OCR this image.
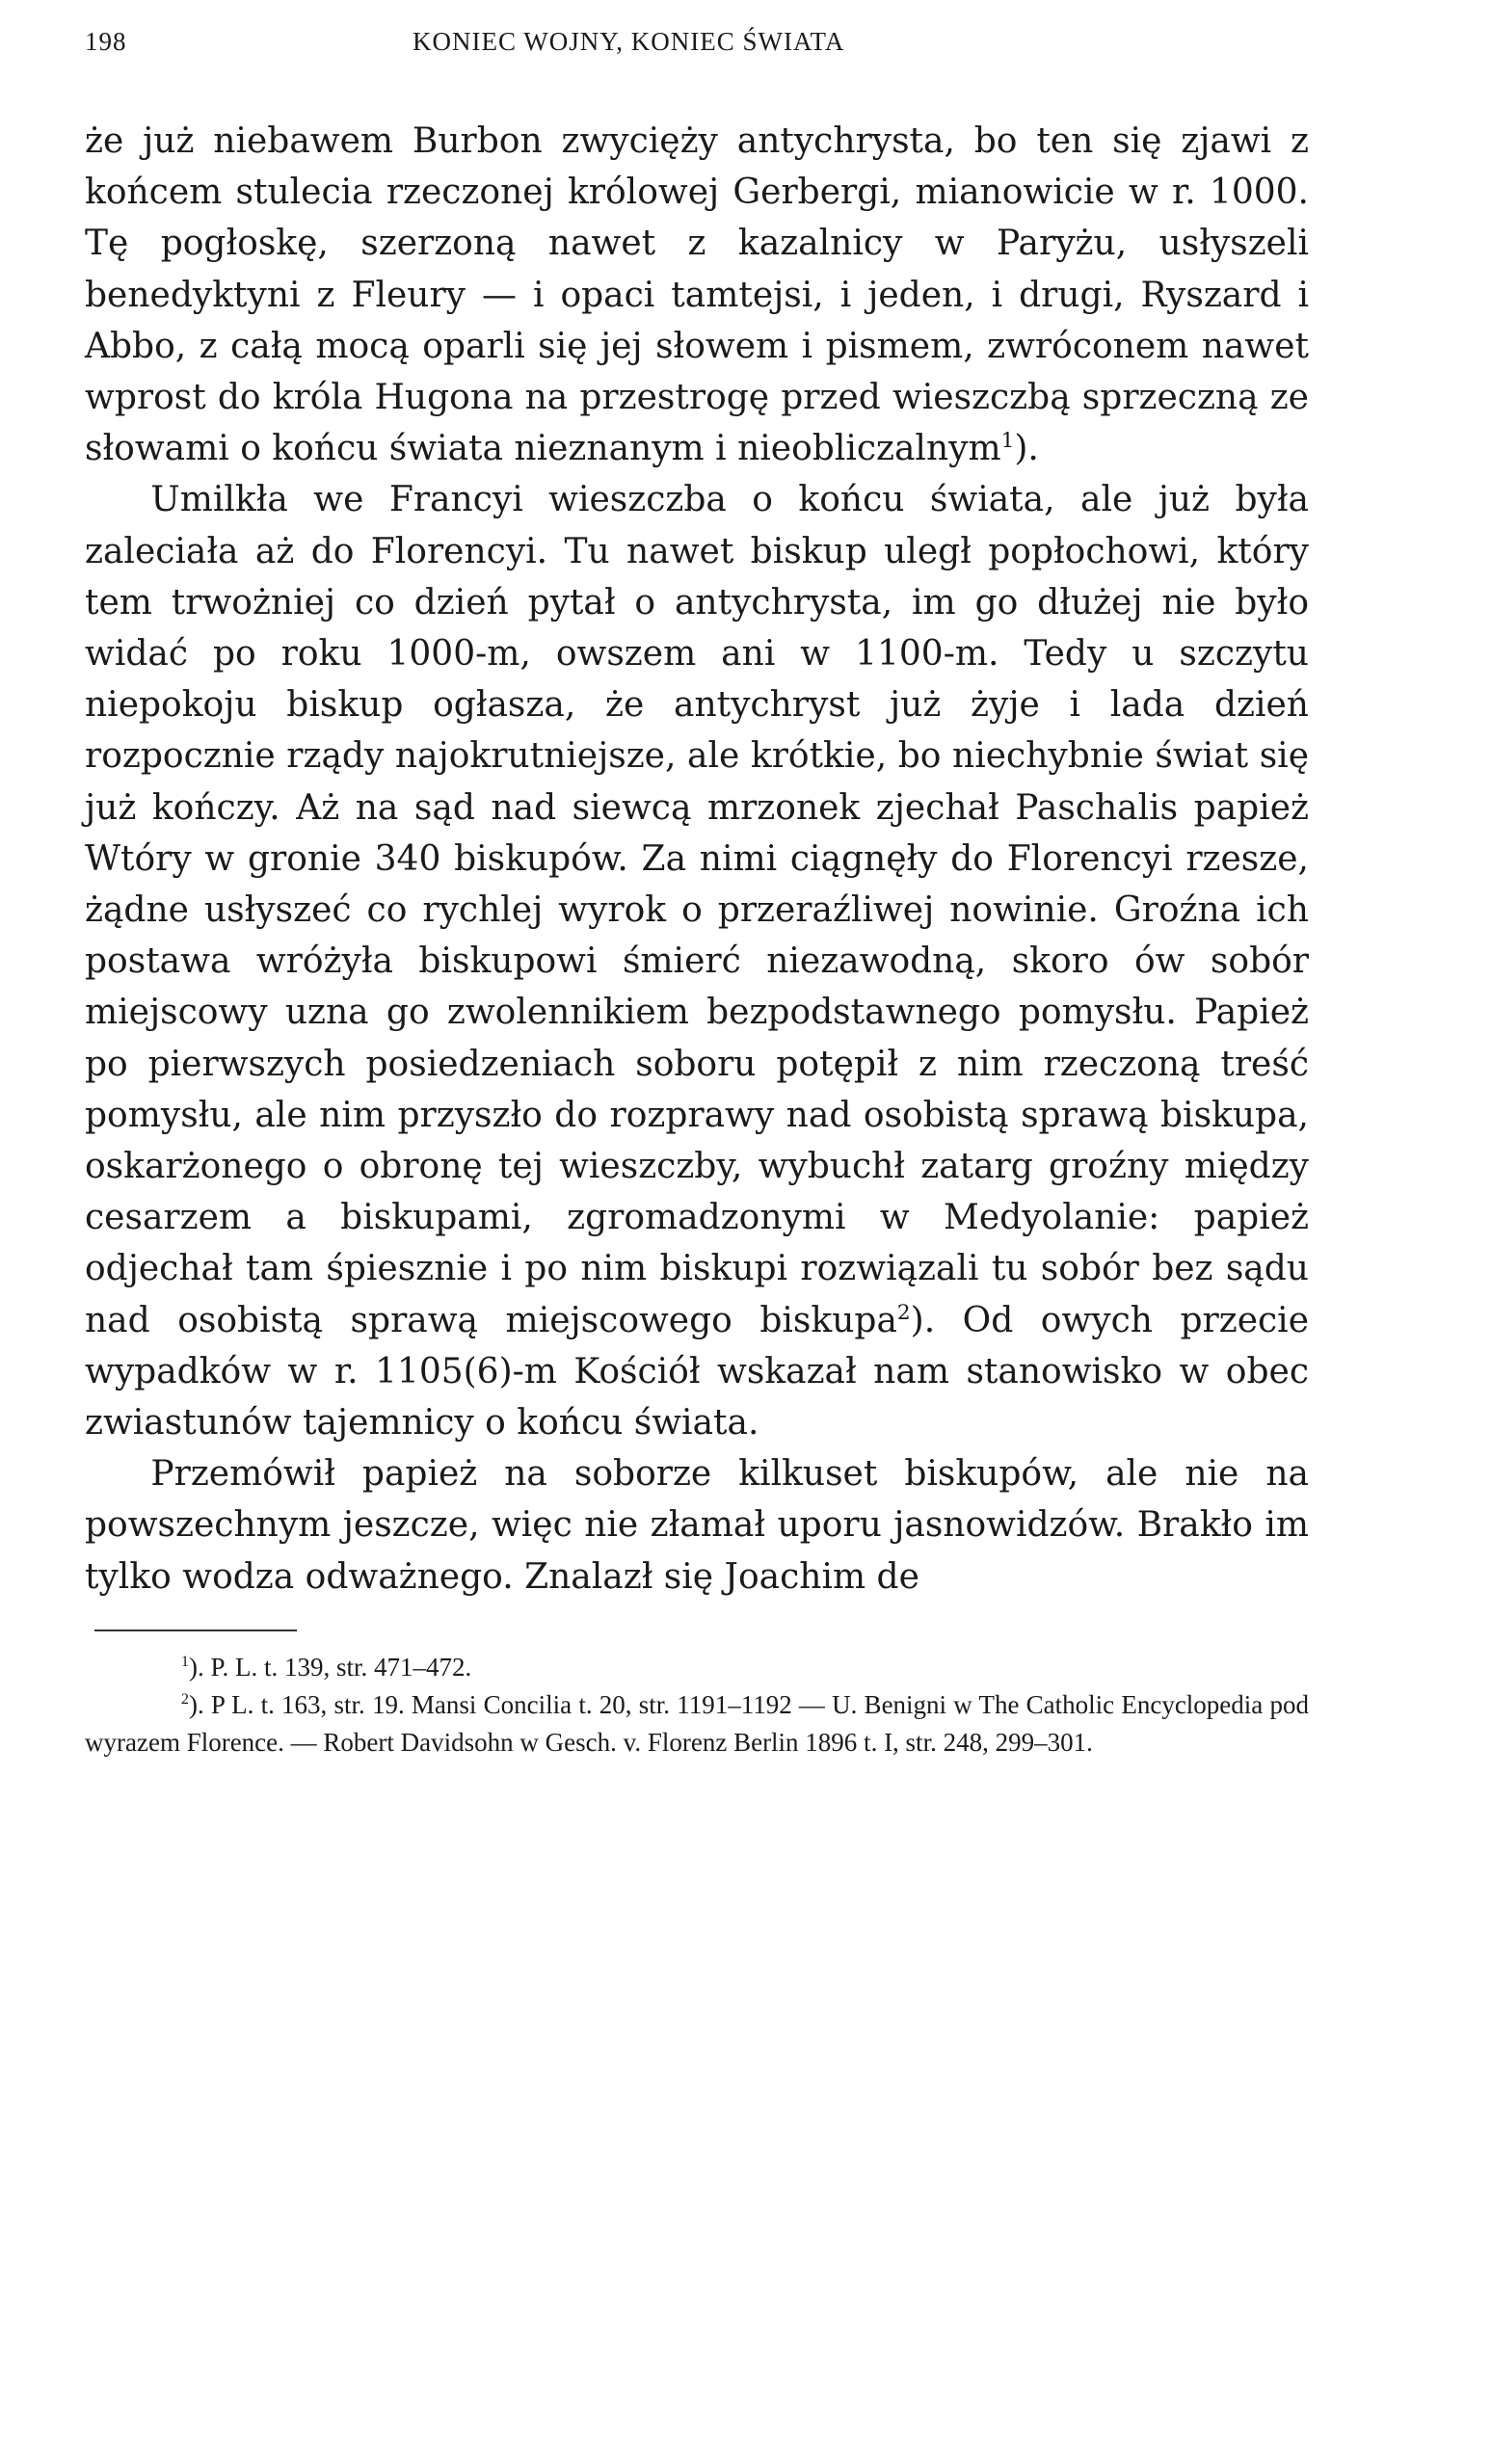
198	KONIEC WOJNY, KONIEC ŚWIATA

że już niebawem Burbon zwycięży antychrysta, bo ten się zjawi z końcem stulecia rzeczonej królowej Gerbergi, mianowicie w r. 1000. Tę pogłoskę, szerzoną nawet z kazalnicy w Paryżu, usłyszeli benedyktyni z Fleury — i opaci tamtejsi, i jeden, i drugi, Ryszard i Abbo, z całą mocą oparli się jej słowem i pismem, zwróconem nawet wprost do króla Hugona na przestrogę przed wieszczbą sprzeczną ze słowami o końcu świata nieznanym i nieobliczalnym$^1$).

Umilkła we Francyi wieszczba o końcu świata, ale już była zaleciała aż do Florencyi. Tu nawet biskup uległ popłochowi, który tem trwożniej co dzień pytał o antychrysta, im go dłużej nie było widać po roku 1000-m, owszem ani w 1100-m. Tedy u szczytu niepokoju biskup ogłasza, że antychryst już żyje i lada dzień rozpocznie rządy najokrutniejsze, ale krótkie, bo niechybnie świat się już kończy. Aż na sąd nad siewcą mrzonek zjechał Paschalis papież Wtóry w gronie 340 biskupów. Za nimi ciągnęły do Florencyi rzesze, żądne usłyszeć co rychlej wyrok o przeraźliwej nowinie. Groźna ich postawa wróżyła biskupowi śmierć niezawodną, skoro ów sobór miejscowy uzna go zwolennikiem bezpodstawnego pomysłu. Papież po pierwszych posiedzeniach soboru potępił z nim rzeczoną treść pomysłu, ale nim przyszło do rozprawy nad osobistą sprawą biskupa, oskarżonego o obronę tej wieszczby, wybuchł zatarg groźny między cesarzem a biskupami, zgromadzonymi w Medyolanie: papież odjechał tam śpiesznie i po nim biskupi rozwiązali tu sobór bez sądu nad osobistą sprawą miejscowego biskupa$^2$). Od owych przecie wypadków w r. 1105(6)-m Kościół wskazał nam stanowisko w obec zwiastunów tajemnicy o końcu świata.

Przemówił papież na soborze kilkuset biskupów, ale nie na powszechnym jeszcze, więc nie złamał uporu jasnowidzów. Brakło im tylko wodza odważnego. Znalazł się Joachim de

$^1$). P. L. t. 139, str. 471–472.

$^2$). P L. t. 163, str. 19. Mansi Concilia t. 20, str. 1191–1192 — U. Benigni w The Catholic Encyclopedia pod wyrazem Florence. — Robert Davidsohn w Gesch. v. Florenz Berlin 1896 t. I, str. 248, 299–301.
